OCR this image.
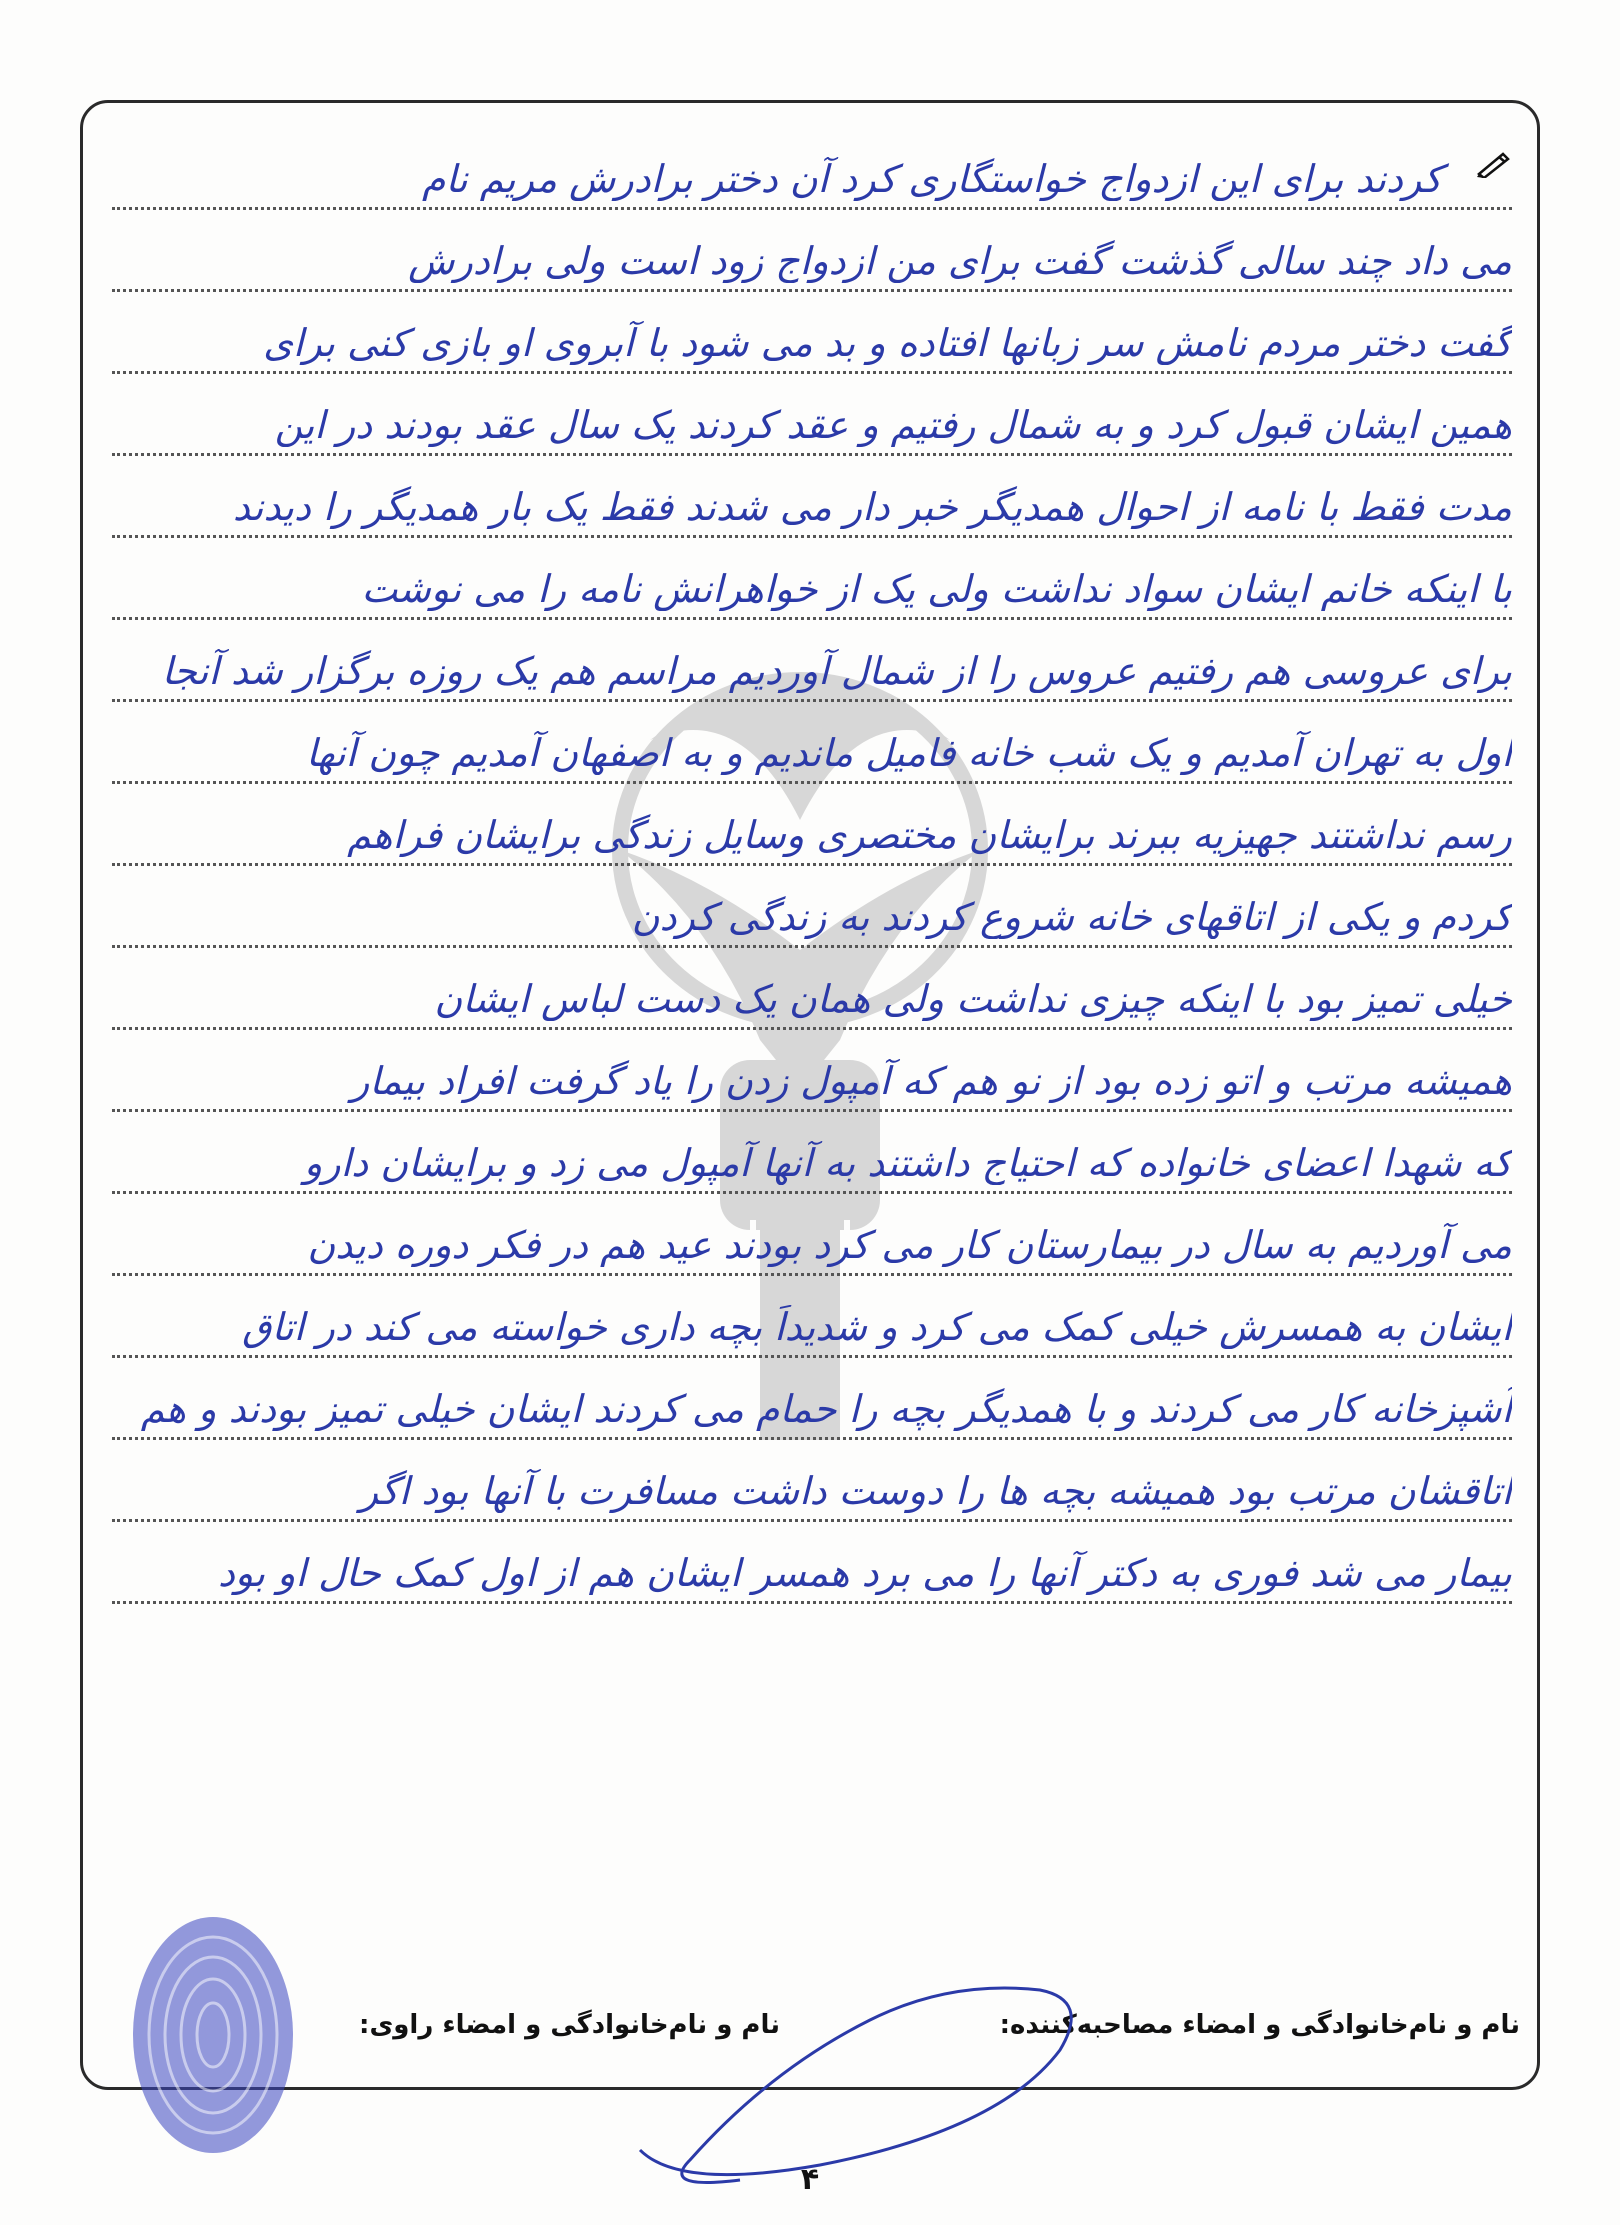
کردند برای این ازدواج خواستگاری کرد آن دختر برادرش مریم نام
می داد چند سالی گذشت گفت برای من ازدواج زود است ولی برادرش
گفت دختر مردم نامش سر زبانها افتاده و بد می شود با آبروی او بازی کنی برای
همین ایشان قبول کرد و به شمال رفتیم و عقد کردند یک سال عقد بودند در این
مدت فقط با نامه از احوال همدیگر خبر دار می شدند فقط یک بار همدیگر را دیدند
با اینکه خانم ایشان سواد نداشت ولی یک از خواهرانش نامه را می نوشت
برای عروسی هم رفتیم عروس را از شمال آوردیم مراسم هم یک روزه برگزار شد آنجا
اول به تهران آمدیم و یک شب خانه فامیل ماندیم و به اصفهان آمدیم چون آنها
رسم نداشتند جهیزیه ببرند برایشان مختصری وسایل زندگی برایشان فراهم
کردم و یکی از اتاقهای خانه شروع کردند به زندگی کردن
خیلی تمیز بود با اینکه چیزی نداشت ولی همان یک دست لباس ایشان
همیشه مرتب و اتو زده بود از نو هم که آمپول زدن را یاد گرفت افراد بیمار
که شهدا اعضای خانواده که احتیاج داشتند به آنها آمپول می زد و برایشان دارو
می آوردیم به سال در بیمارستان کار می کرد بودند عید هم در فکر دوره دیدن
ایشان به همسرش خیلی کمک می کرد و شدیداً بچه داری خواسته می کند در اتاق
آشپزخانه کار می کردند و با همدیگر بچه را حمام می کردند ایشان خیلی تمیز بودند و هم
اتاقشان مرتب بود همیشه بچه ها را دوست داشت مسافرت با آنها بود اگر
بیمار می شد فوری به دکتر آنها را می برد همسر ایشان هم از اول کمک حال او بود
نام و نام‌خانوادگی و امضاء مصاحبه‌کننده:
نام و نام‌خانوادگی و امضاء راوی:
۴
